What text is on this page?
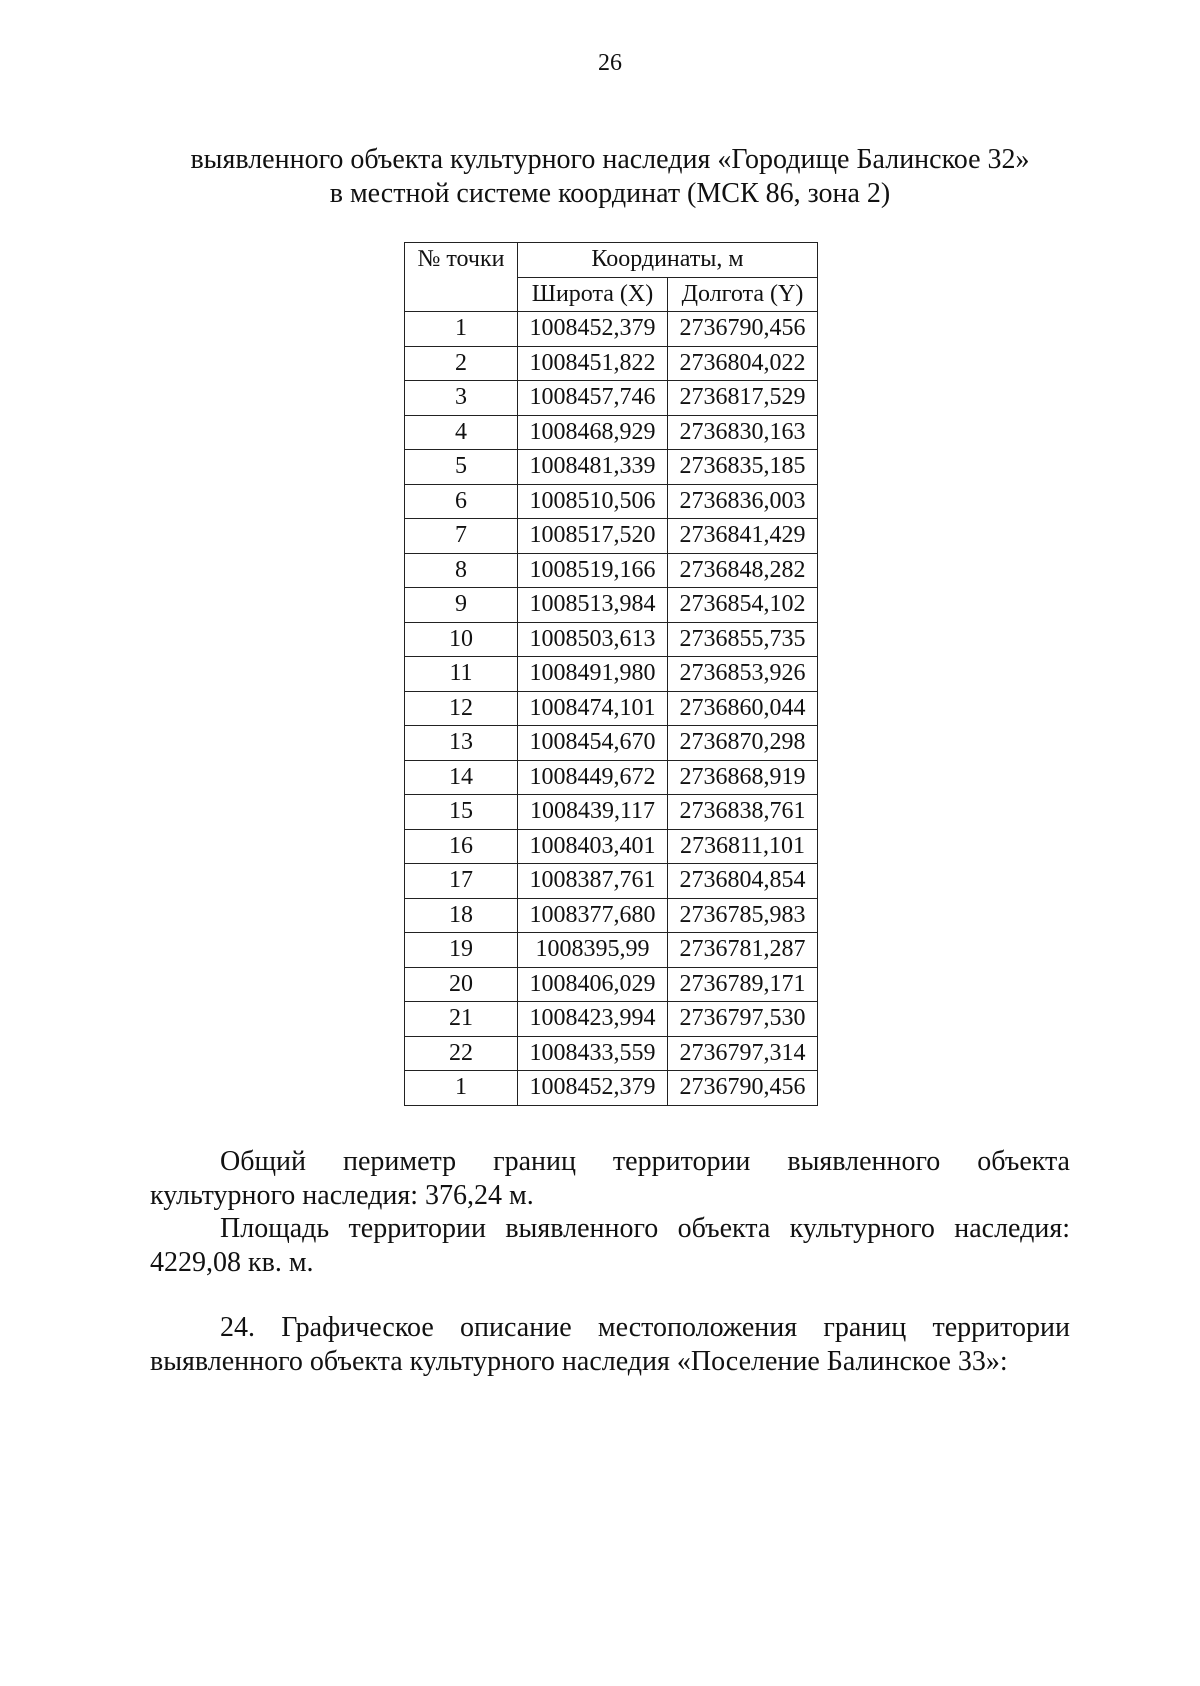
26
выявленного объекта культурного наследия «Городище Балинское 32»
в местной системе координат (МСК 86, зона 2)
№ точки	Координаты, м	
	Широта (X)	Долгота (Y)
1	1008452,379	2736790,456
2	1008451,822	2736804,022
3	1008457,746	2736817,529
4	1008468,929	2736830,163
5	1008481,339	2736835,185
6	1008510,506	2736836,003
7	1008517,520	2736841,429
8	1008519,166	2736848,282
9	1008513,984	2736854,102
10	1008503,613	2736855,735
11	1008491,980	2736853,926
12	1008474,101	2736860,044
13	1008454,670	2736870,298
14	1008449,672	2736868,919
15	1008439,117	2736838,761
16	1008403,401	2736811,101
17	1008387,761	2736804,854
18	1008377,680	2736785,983
19	1008395,99	2736781,287
20	1008406,029	2736789,171
21	1008423,994	2736797,530
22	1008433,559	2736797,314
1	1008452,379	2736790,456
Общий периметр границ территории выявленного объекта
культурного наследия: 376,24 м.
Площадь территории выявленного объекта культурного наследия:
4229,08 кв. м.
24. Графическое описание местоположения границ территории
выявленного объекта культурного наследия «Поселение Балинское 33»:
